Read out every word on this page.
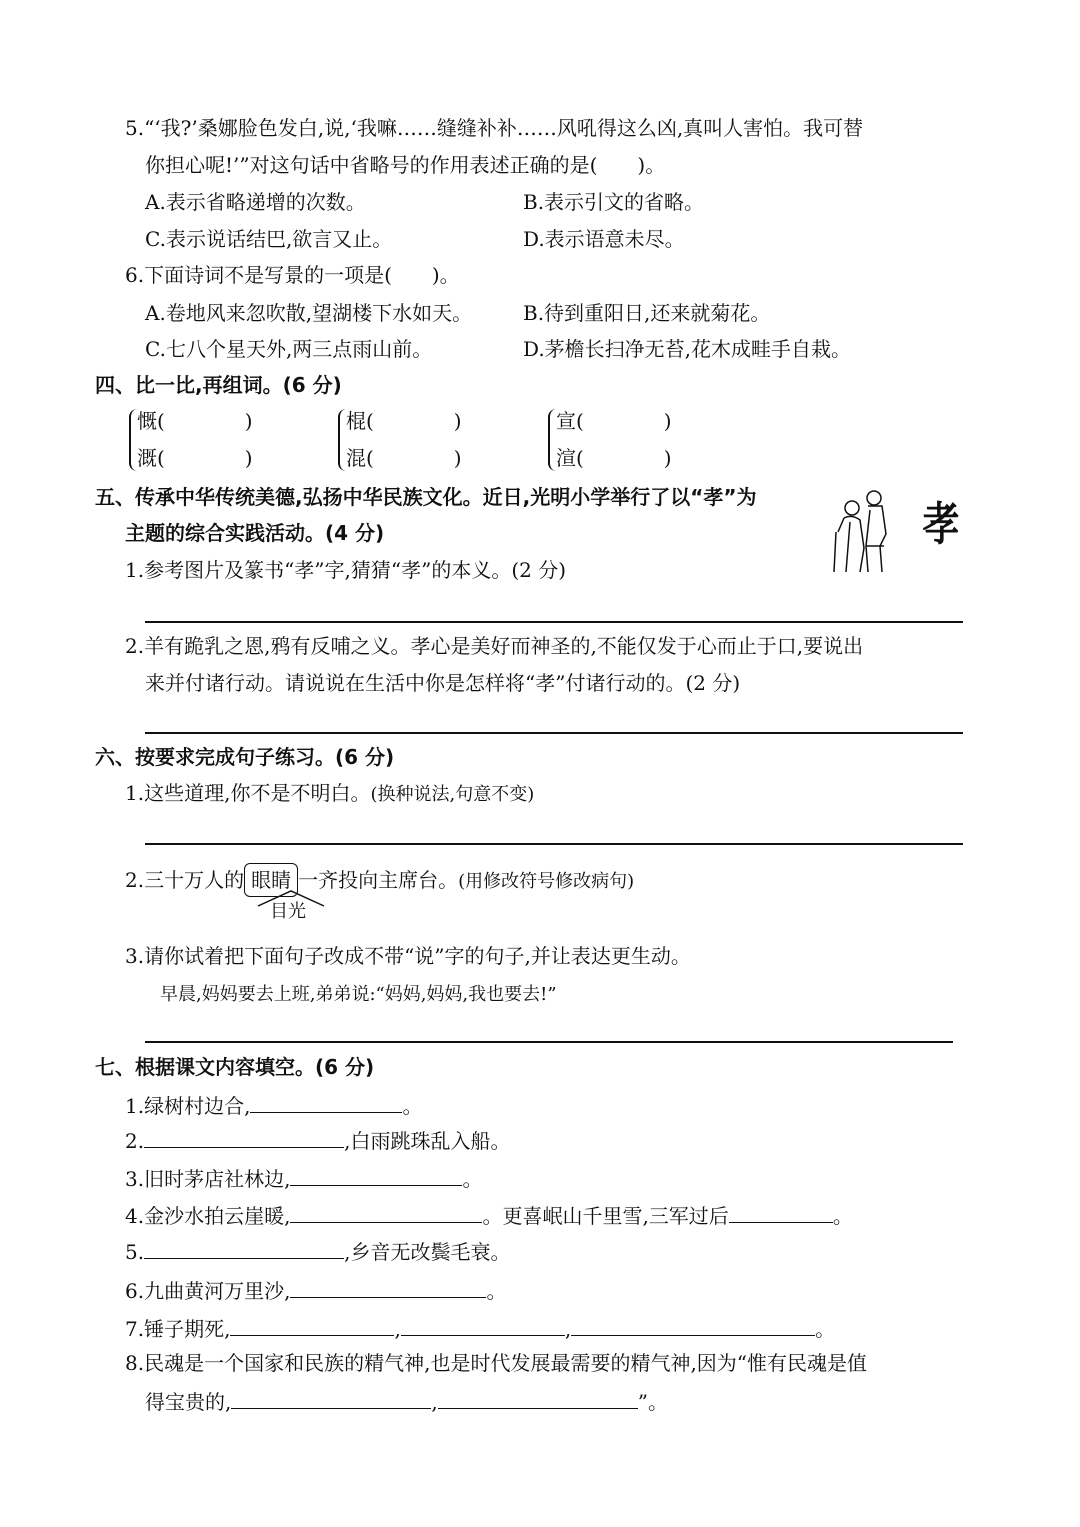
5.“‘我?’桑娜脸色发白,说,‘我嘛……缝缝补补……风吼得这么凶,真叫人害怕。我可替
你担心呢!’”对这句话中省略号的作用表述正确的是(　　)。
A.表示省略递增的次数。	B.表示引文的省略。
C.表示说话结巴,欲言又止。	D.表示语意未尽。
6.下面诗词不是写景的一项是(　　)。
A.卷地风来忽吹散,望湖楼下水如天。	B.待到重阳日,还来就菊花。
C.七八个星天外,两三点雨山前。	D.茅檐长扫净无苔,花木成畦手自栽。
四、比一比,再组词。(6 分)
慨(　　　　)
溉(　　　　)
棍(　　　　)
混(　　　　)
宣(　　　　)
渲(　　　　)
五、传承中华传统美德,弘扬中华民族文化。近日,光明小学举行了以“孝”为
主题的综合实践活动。(4 分)	孝
1.参考图片及篆书“孝”字,猜猜“孝”的本义。(2 分)
2.羊有跪乳之恩,鸦有反哺之义。孝心是美好而神圣的,不能仅发于心而止于口,要说出
来并付诸行动。请说说在生活中你是怎样将“孝”付诸行动的。(2 分)
六、按要求完成句子练习。(6 分)
1.这些道理,你不是不明白。(换种说法,句意不变)
2.三十万人的 眼睛 一齐投向主席台。(用修改符号修改病句)
目光
3.请你试着把下面句子改成不带“说”字的句子,并让表达更生动。
早晨,妈妈要去上班,弟弟说:“妈妈,妈妈,我也要去!”
七、根据课文内容填空。(6 分)
1.绿树村边合,	。
2.	,白雨跳珠乱入船。
3.旧时茅店社林边,	。
4.金沙水拍云崖暖,	。更喜岷山千里雪,三军过后	。
5.	,乡音无改鬓毛衰。
6.九曲黄河万里沙,	。
7.锤子期死,	,	,	。
8.民魂是一个国家和民族的精气神,也是时代发展最需要的精气神,因为“惟有民魂是值
得宝贵的,	,	”。
